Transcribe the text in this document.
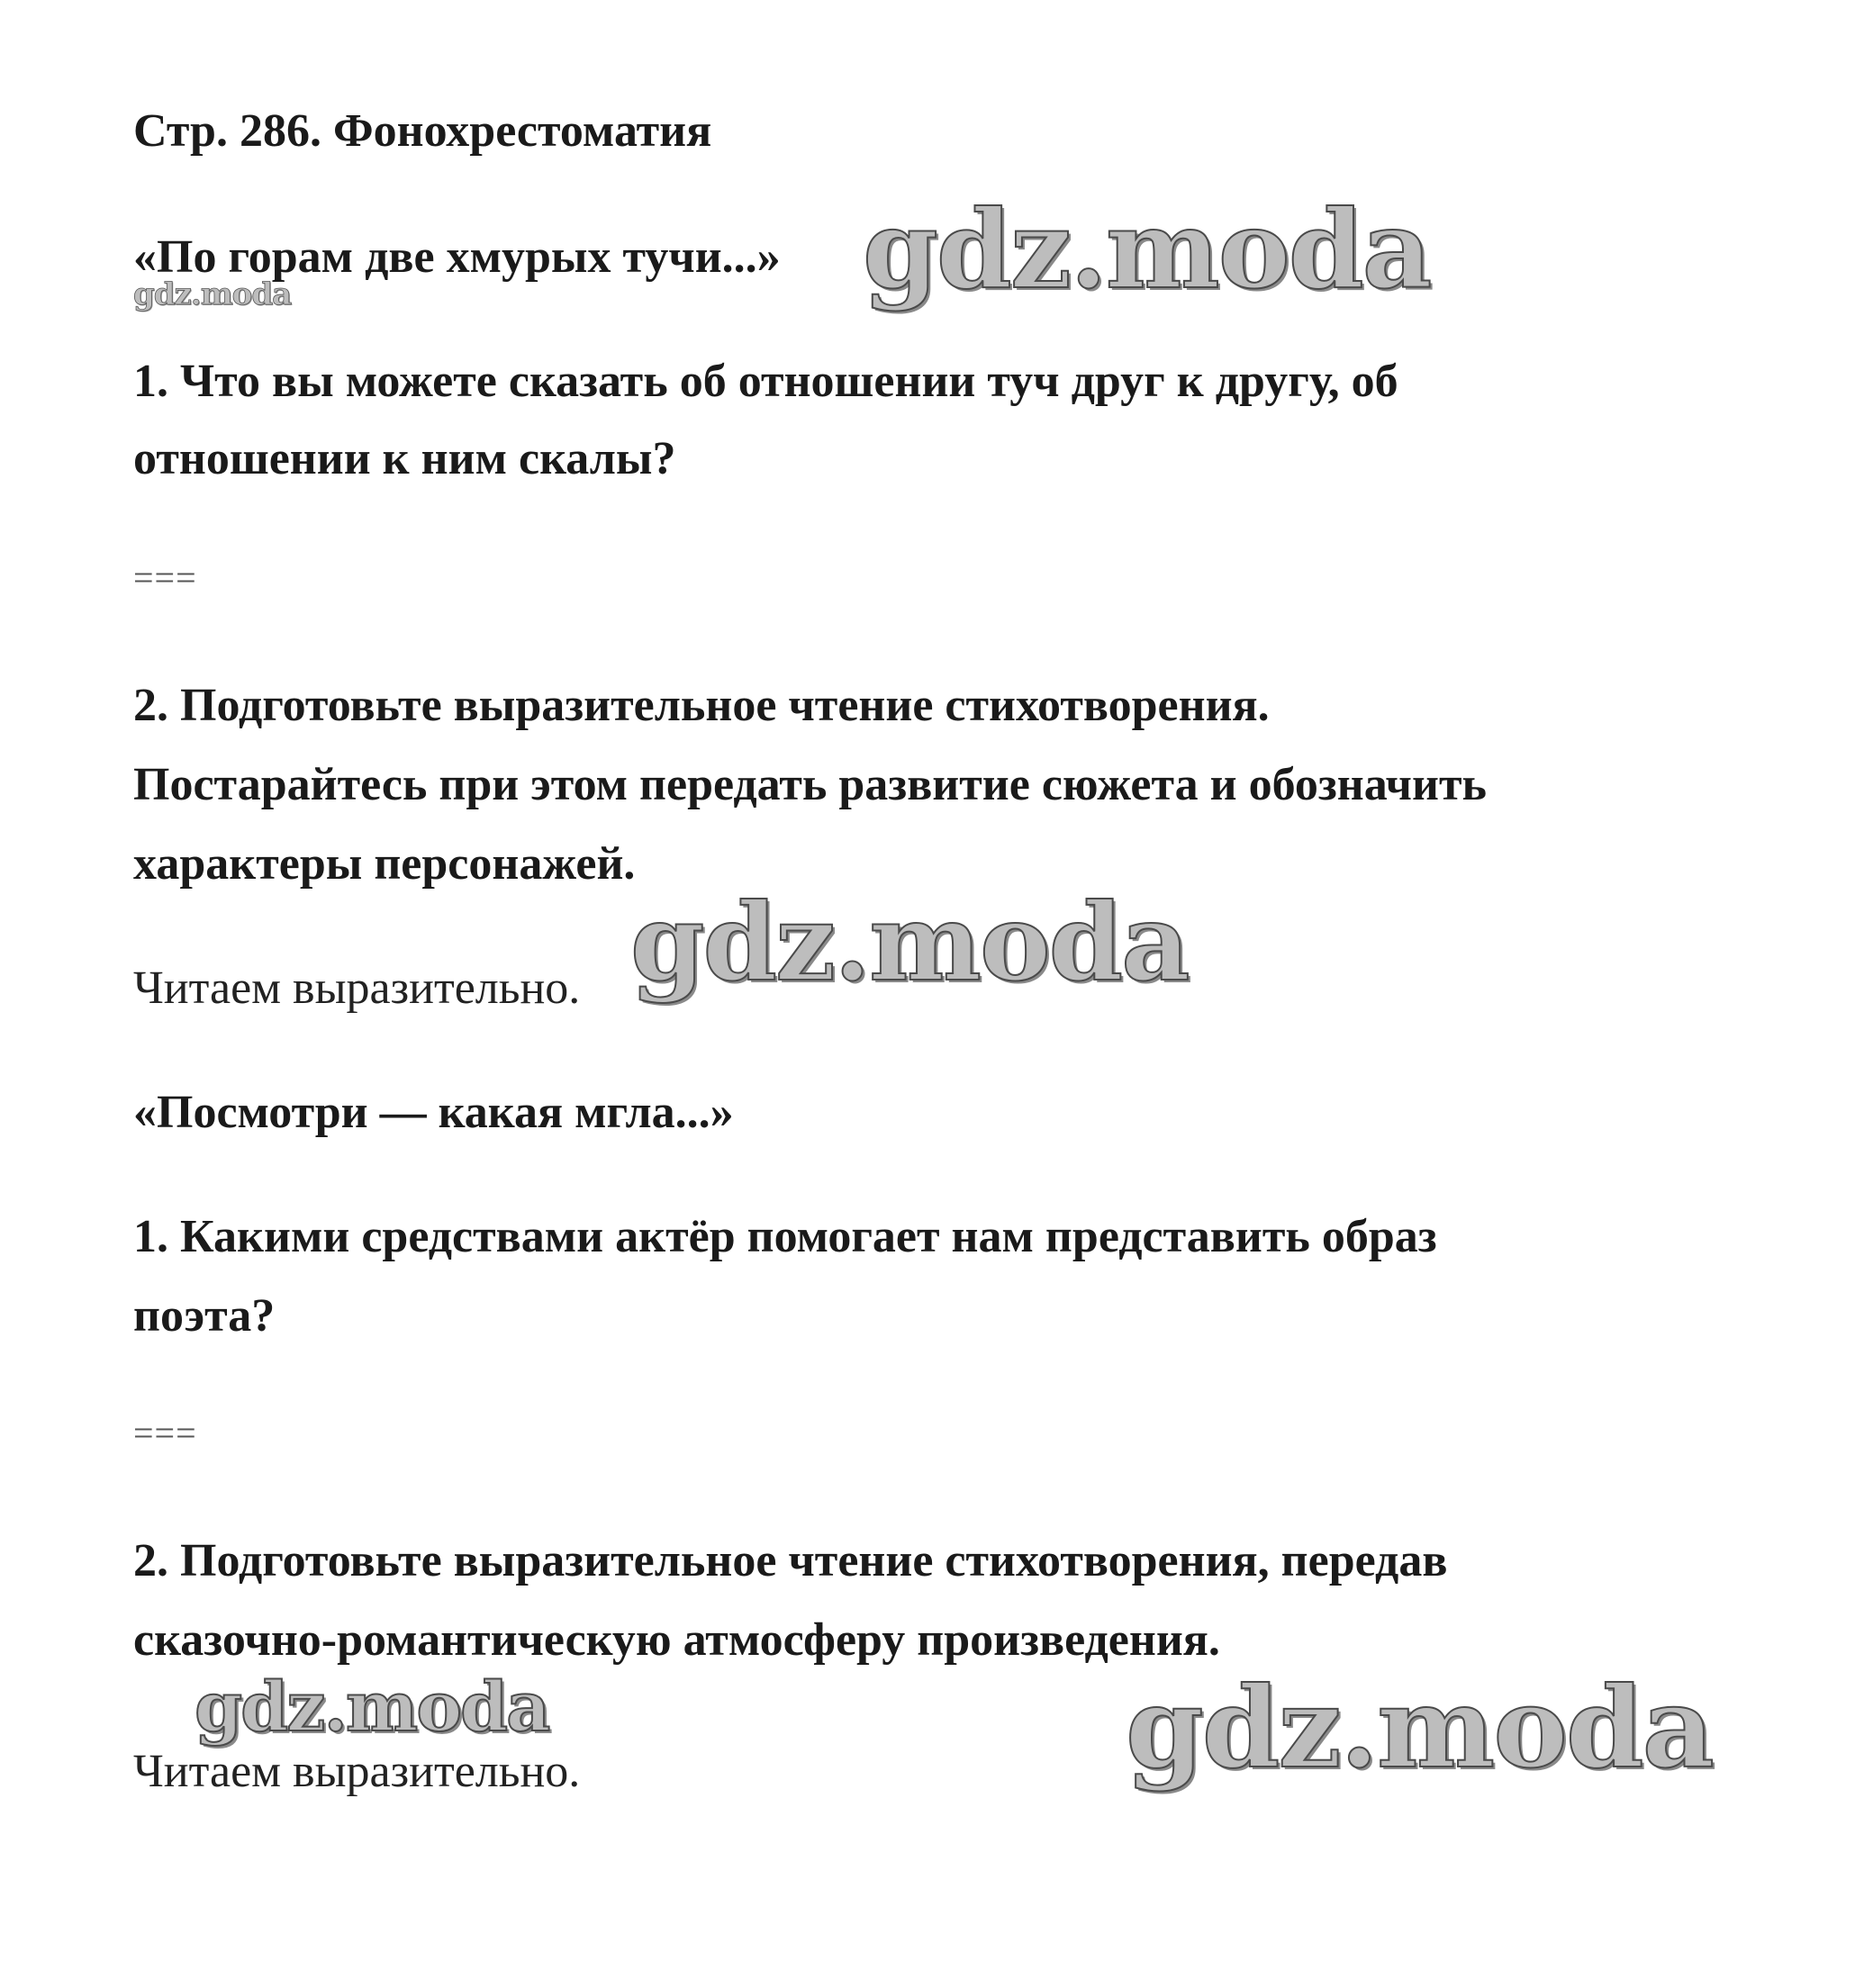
Стр. 286. Фонохрестоматия
«По горам две хмурых тучи...»
1. Что вы можете сказать об отношении туч друг к другу, об
отношении к ним скалы?
===
2. Подготовьте выразительное чтение стихотворения.
Постарайтесь при этом передать развитие сюжета и обозначить
характеры персонажей.
Читаем выразительно.
«Посмотри — какая мгла...»
1. Какими средствами актёр помогает нам представить образ
поэта?
===
2. Подготовьте выразительное чтение стихотворения, передав
сказочно-романтическую атмосферу произведения.
Читаем выразительно.
gdz.moda
gdz.moda
gdz.moda
gdz.moda	gdz.moda
